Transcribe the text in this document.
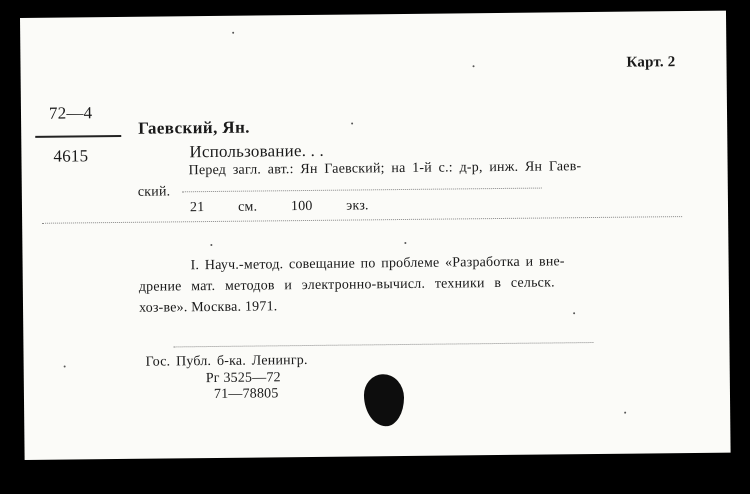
Карт. 2
72—4
4615
Гаевский, Ян.
Использование. . .
Перед загл. авт.: Ян Гаевский; на 1-й с.: д-р, инж. Ян Гаев-
ский.
21 см. 100 экз.
I. Науч.-метод. совещание по проблеме «Разработка и вне-
дрение мат. методов и электронно-вычисл. техники в сельск.
хоз-ве». Москва. 1971.
Гос. Публ. б-ка. Ленингр.
Рг 3525—72
71—78805
